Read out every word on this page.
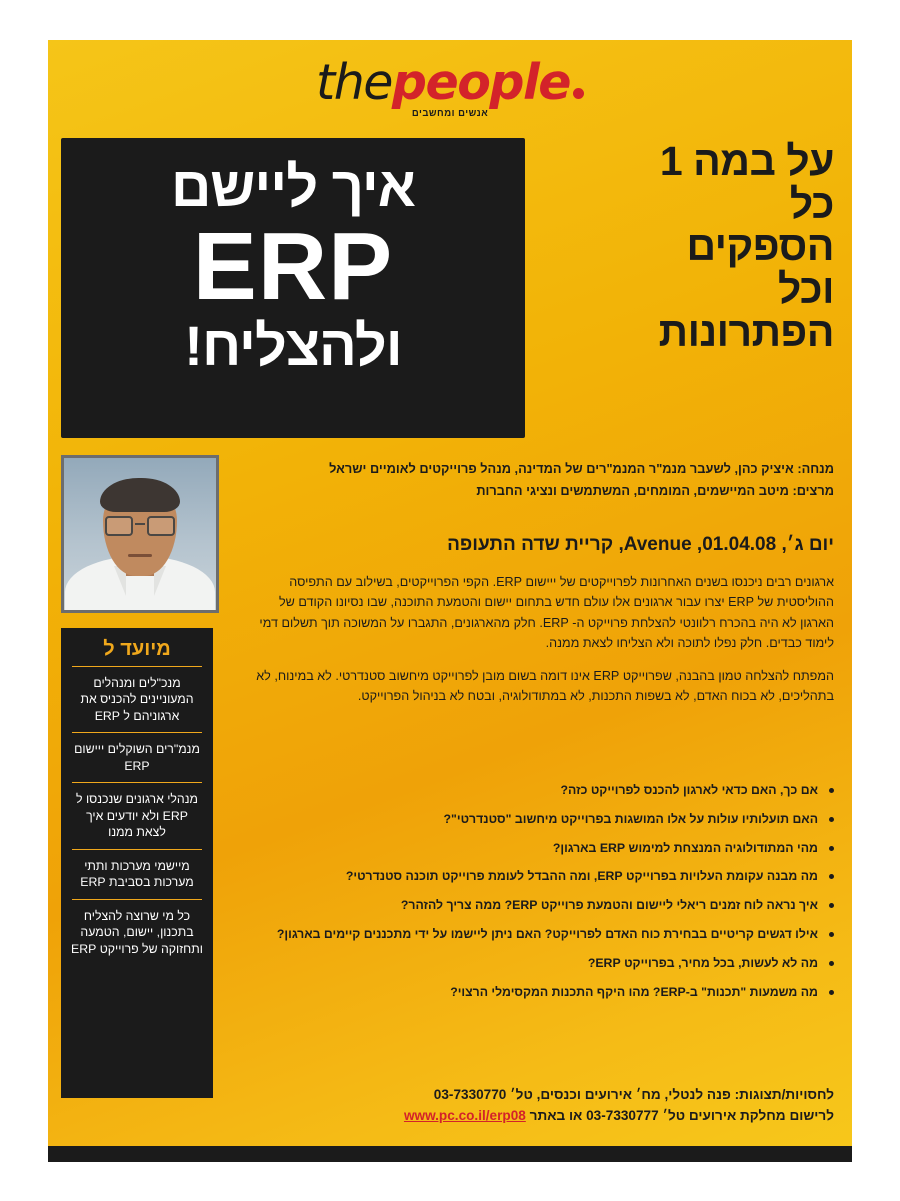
thepeople
אנשים ומחשבים
על במה 1
כל
הספקים
וכל
הפתרונות
איך ליישם
ERP
ולהצליח!
מנחה: איציק כהן, לשעבר מנמ"ר המנמ"רים של המדינה, מנהל פרוייקטים לאומיים ישראל
מרצים: מיטב המיישמים, המומחים, המשתמשים ונציגי החברות
יום ג׳, 01.04.08, Avenue, קריית שדה התעופה

ארגונים רבים ניכנסו בשנים האחרונות לפרוייקטים של ייישום ERP. הקפי הפרוייקטים, בשילוב עם התפיסה ההוליסטית של ERP יצרו עבור ארגונים אלו עולם חדש בתחום יישום והטמעת התוכנה, שבו נסיונו הקודם של הארגון לא היה בהכרח רלוונטי להצלחת פרוייקט ה- ERP. חלק מהארגונים, התגברו על המשוכה תוך תשלום דמי לימוד כבדים. חלק נפלו לתוכה ולא הצליחו לצאת ממנה.

המפתח להצלחה טמון בהבנה, שפרוייקט ERP אינו דומה בשום מובן לפרוייקט מיחשוב סטנדרטי. לא במינוח, לא בתהליכים, לא בכוח האדם, לא בשפות התכנות, לא במתודולוגיה, ובטח לא בניהול הפרוייקט.

אם כך, האם כדאי לארגון להכנס לפרוייקט כזה?
האם תועלותיו עולות על אלו המושגות בפרוייקט מיחשוב "סטנדרטי"?
מהי המתודולוגיה המנצחת למימוש ERP בארגון?
מה מבנה עקומת העלויות בפרוייקט ERP, ומה ההבדל לעומת פרוייקט תוכנה סטנדרטי?
איך נראה לוח זמנים ריאלי ליישום והטמעת פרוייקט ERP? ממה צריך להזהר?
אילו דגשים קריטיים בבחירת כוח האדם לפרוייקט? האם ניתן ליישמו על ידי מתכננים קיימים בארגון?
מה לא לעשות, בכל מחיר, בפרוייקט ERP?
מה משמעות "תכנות" ב-ERP? מהו היקף התכנות המקסימלי הרצוי?
מיועד ל
מנכ"לים ומנהלים המעוניינים להכניס את ארגוניהם ל ERP
מנמ"רים השוקלים ייישום ERP
מנהלי ארגונים שנכנסו ל ERP ולא יודעים איך לצאת ממנו
מיישמי מערכות ותתי מערכות בסביבת ERP
כל מי שרוצה להצליח בתכנון, יישום, הטמעה ותחזוקה של פרוייקט ERP
לחסויות/תצוגות: פנה לנטלי, מח׳ אירועים וכנסים, טל׳ 03-7330770
לרישום מחלקת אירועים טל׳ 03-7330777 או באתר www.pc.co.il/erp08
